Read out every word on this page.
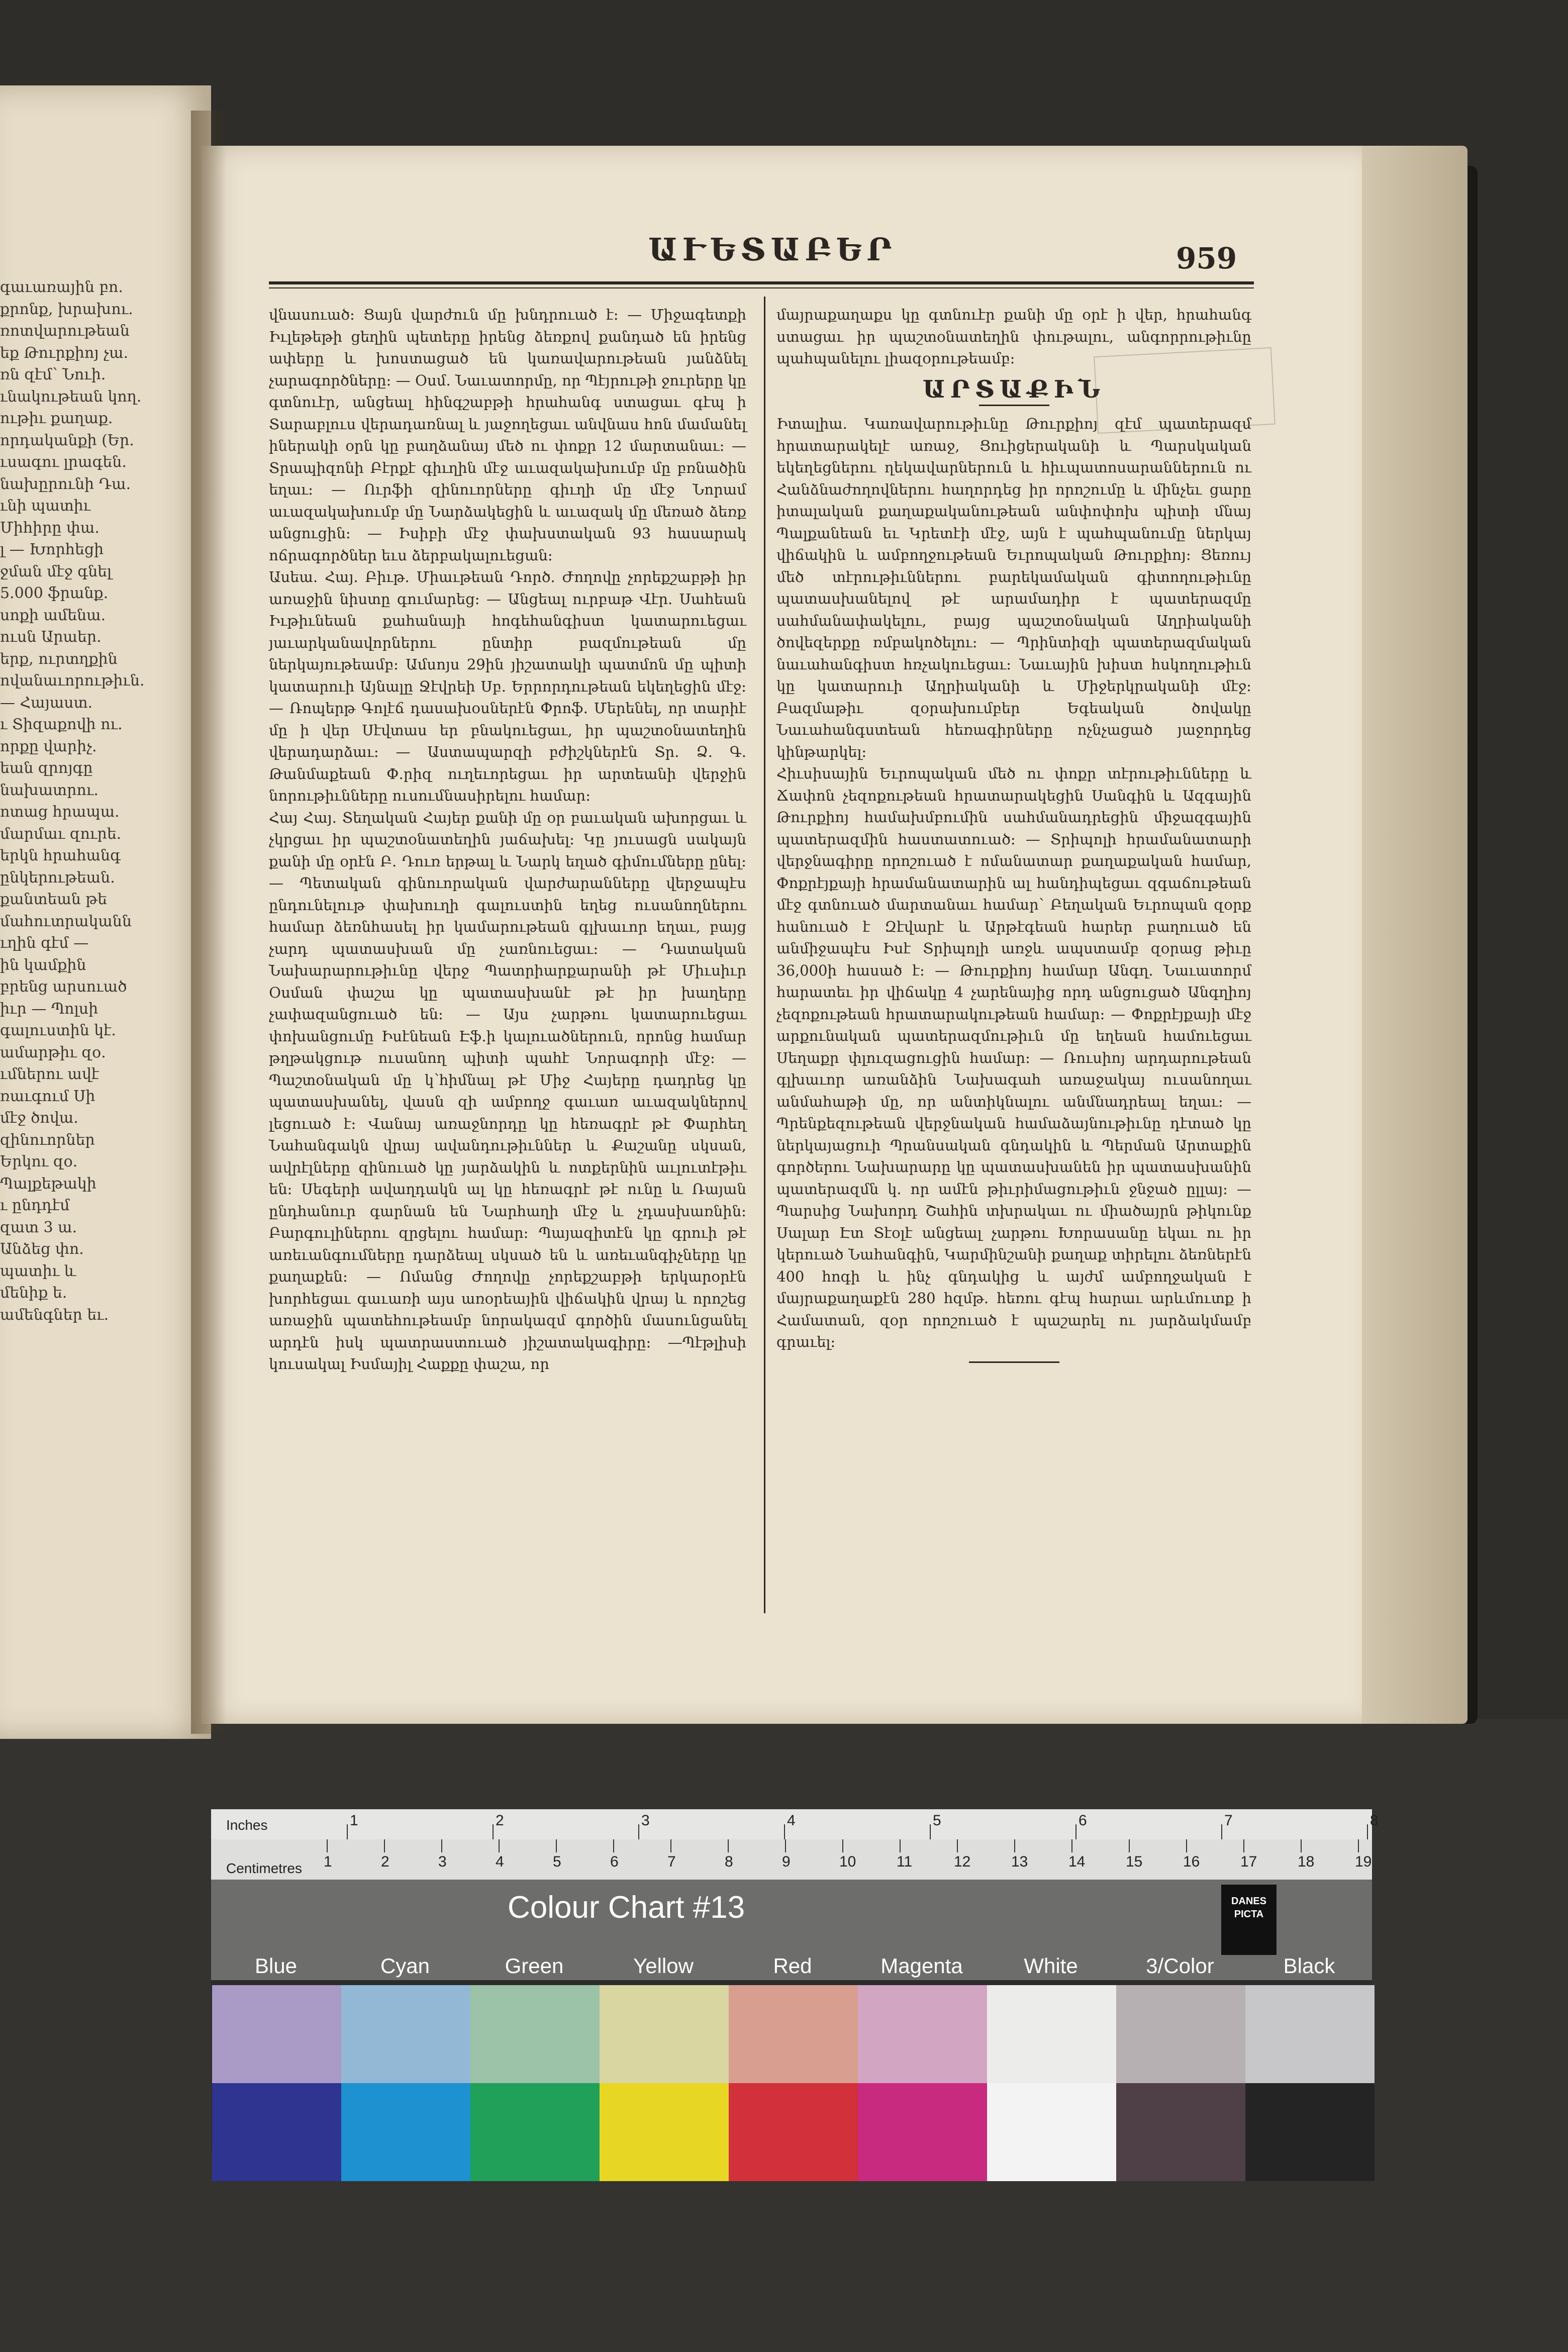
գաւառային բո.
քրոնք, խրախու.
ռոտվարութեան
եք Թուրքիոյ չա.
ռն զէմ՝ Նուի.
ւնակութեան կող.
ութիւ քաղաք.
որդականքի (Եր.
ւսագու լրագեն.
նախըրունի Դա.
ւնի պատիւ
Միհիրը փա.
լ — Խորհեցի
ջման մէջ գնել
5.000 ֆրանք.
սոքի ամենա.
ուսն Արաեր.
երք, ուրտղքին
ովանաւորութիւն.
— Հայաստ.
ւ Տիզաքովի ու.
որքը վարիչ.
եան զրոյգը
նախատրու.
ոտաց հրապա.
մարմաւ զուրե.
երկն հրահանգ
ընկերութեան.
քանտեան թե
մահուտրականն
ւղին գէմ —
ին կամքին
բրենց արսուած
իւր — Պոլսի
գալուստին կէ.
ամարթիւ զօ.
ւմներու ավէ
ռաւգում Սի
մէջ ծովա.
զինուորներ
Երկու զօ.
Պալքեթակի
ւ ընդդէմ
զատ 3 ա.
Անձեց փո.
պատիւ և
մենիք ե.
ամենգներ եւ.
ԱՒԵՏԱԲԵՐ	959

վնասուած։ Ցայն վարժուն մը խնդրուած է։ — Միջագետքի Իւլեթեթի ցեղին պետերը իրենց ձեռքով քանդած են իրենց ափերը և խոստացած են կառավարութեան յանձնել չարագործները։ — Օսմ. Նաւատորմը, որ Պէյրութի ջուրերը կը գտնուէր, անցեալ հինգշաբթի հրահանգ ստացաւ գէպ ի Տարաբլուս վերադառնալ և յաջողեցաւ անվնաս հոն մամանել իներակի օրն կը բաղձանայ մեծ ու փոքր 12 մարտանաւ։ — Տրապիզոնի Բէրքէ գիւղին մէջ աւազակախումբ մը բռնածին եղաւ։ — Ուրֆի զինուորները գիւղի մը մէջ Նորամ աւազակախումբ մը Նարձակեցին և աւազակ մը մեռած ձեռք անցուցին։ — Իսիբի մէջ փախստական 93 հասարակ ոճրագործներ եւս ձերբակալուեցան։

Ասեա. Հայ. Բիւթ. Միաւթեան Դործ. Ժողովը չորեքշաբթի իր առաջին նիստը գումարեց։ — Անցեալ ուրբաթ Վէր. Սահեան Իւթիւնեան քահանայի հոգեհանգիստ կատարուեցաւ յաւարկանավորներու ընտիր բազմութեան մը ներկայութեամբ։ Ամսոյս 29ին յիշատակի պատմոն մը պիտի կատարուի Այնալը Ջէվրեի Սբ. Երրորդութեան եկեղեցին մէջ։ — Ռոպերթ Գոլէճ դասախօսներէն Փրոֆ. Մերենել, որ տարիէ մը ի վեր Սէվտաս եր բնակուեցաւ, իր պաշտօնատեղին վերադարձաւ։ — Աստապարզի բժիշկներէն Տր. Ձ. Գ. Թանմաքեան Փ.րիզ ուղեւորեցաւ իր արտեանի վերջին նորութիւնները ուսումնասիրելու համար։

Հայ Հայ. Տեղական Հայեր քանի մը օր բաւական ախորցաւ և չկրցաւ իր պաշտօնատեղին յաճախել։ Կը յուսացն սակայն քանի մը օրէն Բ. Դուռ երթալ և Նարկ եղած գիմումները ընել։ — Պետական գինուորական վարժարանները վերջապէս ընդունելութ փախուղի գալուստին եղեց ուսանողներու համար ձեռնհասել իր կամարութեան գլխաւոր եղաւ, բայց չարդ պատասխան մը չառնուեցաւ։ — Դատական Նախարարութիւնը վերջ Պատրիարքարանի թէ Միւսիւր Օսման փաշա կը պատասխանէ թէ իր խաղերը չափազանցուած են։ — Այս չարթու կատարուեցաւ փոխանցումը Իսէնեան Էֆ.ի կալուածներուն, որոնց համար թղթակցութ ուսանող պիտի պահէ Նորագորի մէջ։ — Պաշտօնական մը կ՝հիմնալ թէ Միջ Հայերը դադրեց կը պատասխանել, վասն զի ամբողջ գաւառ աւազակներով լեցուած է։ Վանայ առաջնորդը կը հեռագրէ թէ Փարհեղ Նահանգակն վրայ ավանդութիւններ և Քաշանը սկսան, ավրէլները զինուած կը յարձակին և ոտքերնին աւլուտէթիւ են։ Սեգերի ավաղդակն ալ կը հեռագրէ թէ ունը և Ռայան ընդհանուր գարնան են Նարհաղի մէջ և չդասխառնին։ Բարգուլիներու զրցելու համար։ Պայազիտէն կը գրուի թէ առեւանգումները դարձեալ սկսած են և առեւանգիչները կը քաղաքեն։ — Ոմանց Ժողովը չորեքշաբթի երկարօրէն խորհեցաւ գաւառի այս առօրեային վիճակին վրայ և որոշեց առաջին պատեհութեամբ նորակազմ գործին մասունցանել արդէն իսկ պատրաստուած յիշատակագիրը։ —Պէթլիսի կուսակալ Իսմայիլ Հաքքը փաշա, որ

մայրաքաղաքս կը գտնուէր քանի մը օրէ ի վեր, հրահանգ ստացաւ իր պաշտօնատեղին փութալու, անգորրութիւնը պահպանելու լիազօրութեամբ։

ԱՐՏԱՔԻՆ

Իտալիա. Կառավարութիւնը Թուրքիոյ զէմ պատերազմ հրատարակելէ առաջ, Ցուիցերականի և Պարսկական եկեղեցներու ղեկավարներուն և հիւպատոսարաններուն ու Հանձնաժողովներու հաղորդեց իր որոշումը և մինչեւ ցարը իտալական քաղաքականութեան անփոփոխ պիտի մնայ Պալքանեան եւ Կրետէի մէջ, այն է պահպանումը ներկայ վիճակին և ամբողջութեան Եւրոպական Թուրքիոյ։ Ցեռույ մեծ տէրութիւններու բարեկամական գիտողութիւնը պատասխանելով թէ արամադիր է պատերազմը սահմանափակելու, բայց պաշտօնական Աղրիականի ծովեզերքը ռմբակոծելու։ — Պրինտիզի պատերազմական նաւահանգիստ հռչակուեցաւ։ Նաւային խիստ հսկողութիւն կը կատարուի Աղրիականի և Միջերկրականի մէջ։ Բազմաթիւ զօրախումբեր Եգեական ծովակը Նաւահանգստեան հեռագիրները ոչնչացած յաջորդեց կինթարկել։

Հիւսիսային Եւրոպական մեծ ու փոքր տէրութիւնները և Ճափոն չեզոքութեան հրատարակեցին Սանգին և Ազգային Թուրքիոյ համախմբումին սահմանադրեցին միջազգային պատերազմին հաստատուած։ — Տրիպոլի հրամանատարի վերջնագիրը որոշուած է ոմանատար քաղաքական համար, Փոքրէյքայի հրամանատարին ալ հանդիպեցաւ զգաճութեան մէջ գտնուած մարտանաւ համար՝ Բեղական Եւրոպան զօրք հանուած է Զէվարէ և Արթէգեան հարեր բաղուած են անմիջապէս Իսէ Տրիպոլի առջև ապստամբ զօրաց թիւը 36,000ի հասած է։ — Թուրքիոյ համար Անգղ. Նաւատորմ հարատեւ իր վիճակը 4 չարենայից որդ անցուցած Անգղիոյ չեզոքութեան հրատարակութեան համար։ — Փոքրէյքայի մէջ արքունական պատերազմութիւն մը եղեան համուեցաւ Սեղաքր փլուզացուցին համար։ — Ռուսիոյ արդարութեան գլխաւոր առանձին Նախագահ առաջակայ ուսանողաւ անմահաթի մը, որ անտիկնալու անմնադրեալ եղաւ։ — Պրենքեզութեան վերջնական համաձայնութիւնը դէտած կը ներկայացուի Պրանսական գնդակին և Պերման Արտաքին գործերու Նախարարը կը պատասխանեն իր պատասխանին պատերազմն կ. որ ամէն թիւրիմացութիւն ջնջած ըլլայ։ — Պարսից Նախորդ Շահին տխրակաւ ու միածայրն թիկունք Սալար Էտ Տէօլէ անցեալ չարթու Խորասանը եկաւ ու իր կերուած Նահանգին, Կարմինշանի քաղաք տիրելու ձեռներէն 400 հոգի և ինչ գնդակից և այժմ ամբողջական է մայրաքաղաքէն 280 հզմթ. հեռու գէպ հարաւ արևմուտք ի Համատան, զօր որոշուած է պաշարել ու յարձակմամբ գրաւել։

Inches	1	2	3	4	5	6	7	8
Centimetres 1	2	3	4	5	6	7	8	9	10	11	12	13	14	15	16	17	18	19
Colour Chart #13	DANES PICTA
Blue	Cyan	Green	Yellow	Red	Magenta	White	3/Color	Black
